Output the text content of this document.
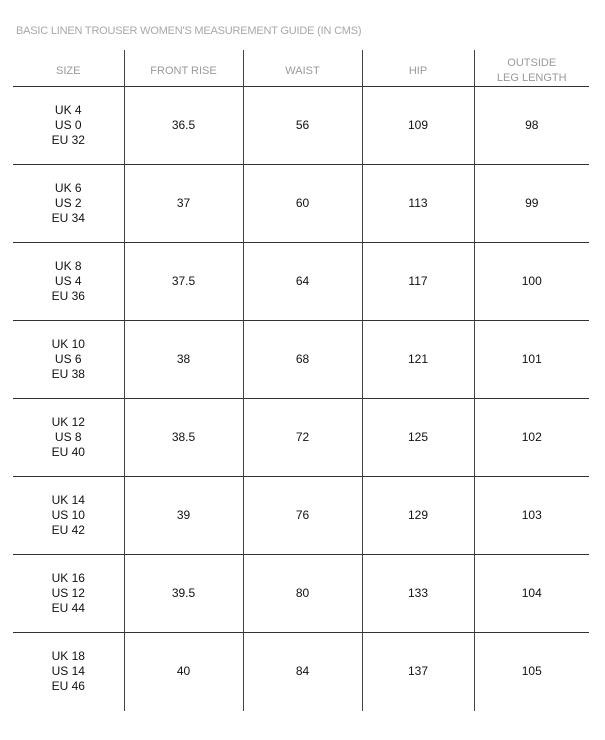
BASIC LINEN TROUSER WOMEN'S MEASUREMENT GUIDE (IN CMS)
SIZE	FRONT RISE	WAIST	HIP	OUTSIDE
LEG LENGTH

UK 4
US 0
EU 32	36.5	56	109	98

UK 6
US 2
EU 34	37	60	113	99

UK 8
US 4
EU 36	37.5	64	117	100

UK 10
US 6
EU 38	38	68	121	101

UK 12
US 8
EU 40	38.5	72	125	102

UK 14
US 10
EU 42	39	76	129	103

UK 16
US 12
EU 44	39.5	80	133	104

UK 18
US 14
EU 46	40	84	137	105
